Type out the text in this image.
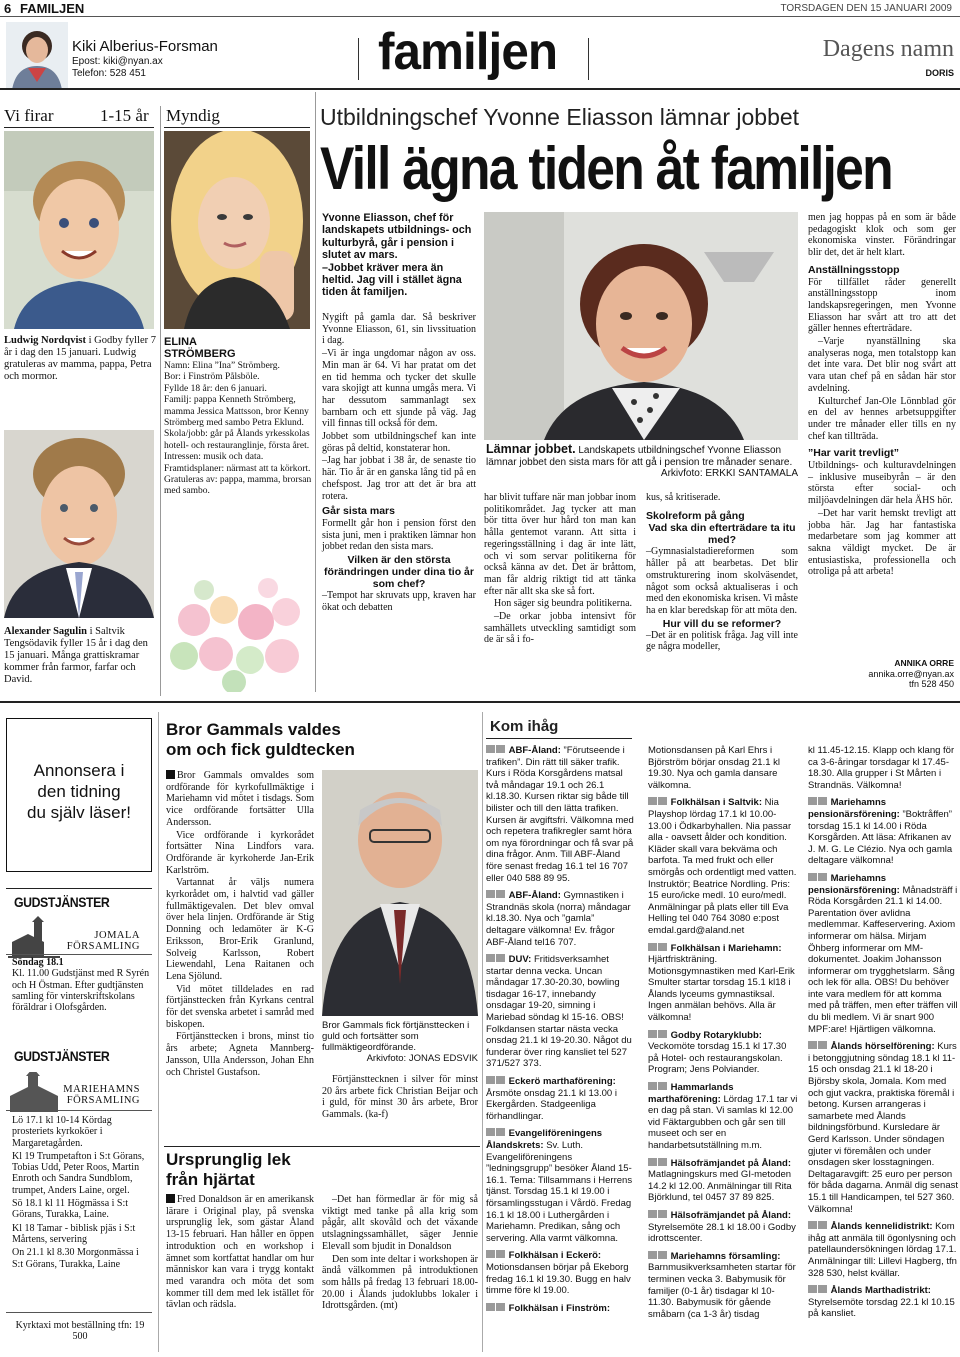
6 FAMILJEN	TORSDAGEN DEN 15 JANUARI 2009
Kiki Alberius-Forsman
Epost: kiki@nyan.ax
Telefon: 528 451	familjen	Dagens namn
DORIS
Vi firar	1-15 år Myndig
Ludwig Nordqvist i Godby fyller 7 år i dag den 15 januari. Ludwig gratuleras av mamma, pappa, Petra och mormor.
Alexander Sagulin i Saltvik Tengsödavik fyller 15 år i dag den 15 januari. Många grattiskramar kommer från farmor, farfar och David.
ELINA
STRÖMBERG
Namn: Elina ”Ina” Strömberg.
Bor: i Finström Pålsböle.
Fyllde 18 år: den 6 januari.
Familj: pappa Kenneth Strömberg, mamma Jessica Mattsson, bror Kenny Strömberg med sambo Petra Eklund.
Skola/jobb: går på Ålands yrkesskolas hotell- och restauranglinje, första året.
Intressen: musik och data.
Framtidsplaner: närmast att ta körkort.
Gratuleras av: pappa, mamma, brorsan med sambo.
Utbildningschef Yvonne Eliasson lämnar jobbet
Vill ägna tiden åt familjen
Yvonne Eliasson, chef för landskapets utbildnings- och kulturbyrå, går i pension i slutet av mars.
–Jobbet kräver mera än heltid. Jag vill i stället ägna tiden åt familjen.

Nygift på gamla dar. Så beskriver Yvonne Eliasson, 61, sin livssituation i dag.

–Vi är inga ungdomar någon av oss. Min man är 64. Vi har pratat om det en tid hemma och tycker det skulle vara skojigt att kunna umgås mera. Vi har dessutom sammanlagt sex barnbarn och ett sjunde på väg. Jag vill finnas till också för dem.

Jobbet som utbildningschef kan inte göras på deltid, konstaterar hon.

–Jag har jobbat i 38 år, de senaste tio här. Tio år är en ganska lång tid på en chefspost. Jag tror att det är bra att rotera.

Går sista mars

Formellt går hon i pension först den sista juni, men i praktiken lämnar hon jobbet redan den sista mars.

Vilken är den största förändringen under dina tio år som chef?

–Tempot har skruvats upp, kraven har ökat och debatten

Lämnar jobbet. Landskapets utbildningschef Yvonne Eliasson lämnar jobbet den sista mars för att gå i pension tre månader senare.
Arkivfoto: ERKKI SANTAMALA

har blivit tuffare när man jobbar inom politikområdet. Jag tycker att man bör titta över hur hård ton man kan hålla gentemot varann. Att sitta i regeringsställning i dag är inte lätt, och vi som servar politikerna för också känna av det. Det är bråttom, man får aldrig riktigt tid att tänka efter när allt ska ske så fort.

Hon säger sig beundra politikerna.

–De orkar jobba intensivt för samhällets utveckling samtidigt som de är så i fo-

kus, så kritiserade.

Skolreform på gång
Vad ska din efterträdare ta itu med?

–Gymnasialstadiereformen som håller på att bearbetas. Det blir omstrukturering inom skolväsendet, något som också aktualiseras i och med den ekonomiska krisen. Vi måste ha en klar beredskap för att möta den.

Hur vill du se reformer?

–Det är en politisk fråga. Jag vill inte ge några modeller,

men jag hoppas på en som är både pedagogiskt klok och som ger ekonomiska vinster. Förändringar blir det, det är helt klart.

Anställningsstopp

För tillfället råder generellt anställningsstopp inom landskapsregeringen, men Yvonne Eliasson har svårt att tro att det gäller hennes efterträdare.

–Varje nyanställning ska analyseras noga, men totalstopp kan det inte vara. Det blir nog svårt att vara utan chef på en sådan här stor avdelning.

Kulturchef Jan-Ole Lönnblad gör en del av hennes arbetsuppgifter under tre månader eller tills en ny chef kan tillträda.

”Har varit trevligt”

Utbildnings- och kulturavdelningen – inklusive museibyrån – är den största efter social- och miljöavdelningen där hela ÄHS hör.

–Det har varit hemskt trevligt att jobba här. Jag har fantastiska medarbetare som jag kommer att sakna väldigt mycket. De är entusiastiska, professionella och otroliga på att arbeta!

ANNIKA ORRE
annika.orre@nyan.ax
tfn 528 450
Annonsera i
den tidning
du själv läser!
GUDSTJÄNSTER
JOMALA
FÖRSAMLING
Söndag 18.1
Kl. 11.00 Gudstjänst med R Syrén och H Östman. Efter gudtjänsten samling för vinterskriftskolans föräldrar i Olofsgården.
GUDSTJÄNSTER
MARIEHAMNS
FÖRSAMLING
Lö 17.1 kl 10-14 Kördag prosteriets kyrkoköer i Margaretagården.
Kl 19 Trumpetafton i S:t Görans, Tobias Udd, Peter Roos, Martin Enroth och Sandra Sundblom, trumpet, Anders Laine, orgel.
Sö 18.1 kl 11 Högmässa i S:t Görans, Turakka, Laine.
Kl 18 Tamar - biblisk pjäs i S:t Mårtens, servering
On 21.1 kl 8.30 Morgonmässa i S:t Görans, Turakka, Laine
Kyrktaxi mot beställning tfn: 19 500
Bror Gammals valdes om och fick guldtecken

Bror Gammals omvaldes som ordförande för kyrkofullmäktige i Mariehamn vid mötet i tisdags. Som vice ordförande fortsätter Ulla Andersson.

Vice ordförande i kyrkorådet fortsätter Nina Lindfors vara. Ordförande är kyrkoherde Jan-Erik Karlström.

Vartannat år väljs numera kyrkorådet om, i halvtid vad gäller fullmäktigevalen. Det blev omval över hela linjen. Ordförande är Stig Donning och ledamöter är K-G Eriksson, Bror-Erik Granlund, Solveig Karlsson, Robert Liewendahl, Lena Raitanen och Lena Sjölund.

Vid mötet tilldelades en rad förtjänsttecken från Kyrkans central för det svenska arbetet i samråd med biskopen.

Förtjänsttecken i brons, minst tio års arbete; Agneta Mannberg-Jansson, Ulla Andersson, Johan Ehn och Christel Gustafson.

Bror Gammals fick förtjänsttecken i guld och fortsätter som fullmäktigeordförande.
Arkivfoto: JONAS EDSVIK
Förtjänsttecknen i silver för minst 20 års arbete fick Christian Beijar och i guld, för minst 30 års arbete, Bror Gammals. (ka-f)
Ursprunglig lek från hjärtat

Fred Donaldson är en amerikansk lärare i Original play, på svenska ursprunglig lek, som gästar Åland 13-15 februari. Han håller en öppen introduktion och en workshop i ämnet som kortfattat handlar om hur människor kan vara i trygg kontakt med varandra och möta det som kommer till dem med lek istället för tävlan och rädsla.

–Det han förmedlar är för mig så viktigt med tanke på alla krig som pågår, allt skovåld och det växande utslagningssamhället, säger Jennie Elevall som bjudit in Donaldson

Den som inte deltar i workshopen är ändå välkommen på introduktionen som hålls på fredag 13 februari 18.00-20.00 i Ålands judoklubbs lokaler i Idrottsgården. (mt)

Kom ihåg

ABF-Åland: ”Förutseende i trafiken”. Din rätt till säker trafik. Kurs i Röda Korsgårdens matsal två måndagar 19.1 och 26.1 kl.18.30. Kursen riktar sig både till bilister och till den lätta trafiken. Kursen är avgiftsfri. Välkomna med och repetera trafikregler samt höra om nya förordningar och få svar på dina frågor. Anm. Till ABF-Åland före senast fredag 16.1 tel 16 707 eller 040 588 89 95.

ABF-Åland: Gymnastiken i Strandnäs skola (norra) måndagar kl.18.30. Nya och ”gamla” deltagare välkomna! Ev. frågor ABF-Åland tel16 707.

DUV: Fritidsverksamhet startar denna vecka. Uncan måndagar 17.30-20.30, bowling tisdagar 16-17, innebandy onsdagar 19-20, simning i Mariebad söndag kl 15-16. OBS! Folkdansen startar nästa vecka onsdag 21.1 kl 19-20.30. Något du funderar över ring kansliet tel 527 371/527 373.

Eckerö marthaförening: Årsmöte onsdag 21.1 kl 13.00 i Ekergården. Stadgeenliga förhandlingar.

Evangeliföreningens Ålandskrets: Sv. Luth. Evangeliföreningens ”ledningsgrupp” besöker Åland 15-16.1. Tema: Tillsammans i Herrens tjänst. Torsdag 15.1 kl 19.00 i församlingsstugan i Vårdö. Fredag 16.1 kl 18.00 i Luthergården i Mariehamn. Predikan, sång och servering. Alla varmt välkomna.

Folkhälsan i Eckerö: Motionsdansen börjar på Ekeborg fredag 16.1 kl 19.30. Bugg en halv timme före kl 19.00.

Folkhälsan i Finström:

Motionsdansen på Karl Ehrs i Björström börjar onsdag 21.1 kl 19.30. Nya och gamla dansare välkomna.

Folkhälsan i Saltvik: Nia Playshop lördag 17.1 kl 10.00-13.00 i Ödkarbyhallen. Nia passar alla - oavsett ålder och kondition. Kläder skall vara bekväma och barfota. Ta med frukt och eller smörgås och ordentligt med vatten. Instruktör; Beatrice Nordling. Pris: 15 euro/icke medl. 10 euro/medl. Anmälningar på plats eller till Eva Helling tel 040 764 3080 e:post emdal.gard@aland.net

Folkhälsan i Mariehamn: Hjärtfriskträning. Motionsgymnastiken med Karl-Erik Smulter startar torsdag 15.1 kl18 i Ålands lyceums gymnastiksal. Ingen anmälan behövs. Alla är välkomna!

Godby Rotaryklubb: Veckomöte torsdag 15.1 kl 17.30 på Hotel- och restaurangskolan. Program; Jens Polviander.

Hammarlands marthaförening: Lördag 17.1 tar vi en dag på stan. Vi samlas kl 12.00 vid Fäktargubben och går sen till museet och ser en handarbetsutställning m.m.

Hälsofrämjandet på Åland: Matlagningskurs med GI-metoden 14.2 kl 12.00. Anmälningar till Rita Björklund, tel 0457 37 89 825.

Hälsofrämjandet på Åland: Styrelsemöte 28.1 kl 18.00 i Godby idrottscenter.

Mariehamns församling: Barnmusikverksamheten startar för terminen vecka 3. Babymusik för familjer (0-1 år) tisdagar kl 10-11.30. Babymusik för gående småbarn (ca 1-3 år) tisdag

kl 11.45-12.15. Klapp och klang för ca 3-6-åringar torsdagar kl 17.45-18.30. Alla grupper i St Mårten i Strandnäs. Välkomna!

Mariehamns pensionärsförening: ”Boktråffen” torsdag 15.1 kl 14.00 i Röda Korsgården. Att läsa: Afrikanen av J. M. G. Le Clézio. Nya och gamla deltagare välkomna!

Mariehamns pensionärsförening: Månadsträff i Röda Korsgården 21.1 kl 14.00. Parentation över avlidna medlemmar. Kaffeservering. Axiom informerar om hälsa. Mirjam Öhberg informerar om MM-dokumentet. Joakim Johansson informerar om trygghetslarm. Sång och lek för alla. OBS! Du behöver inte vara medlem för att komma med på träffen, men efter träffen vill du bli medlem. Vi är snart 900 MPF:are! Hjärtligen välkomna.

Ålands hörselförening: Kurs i betonggjutning söndag 18.1 kl 11-15 och onsdag 21.1 kl 18-20 i Björsby skola, Jomala. Kom med och gjut vackra, praktiska föremål i betong. Kursen arrangeras i samarbete med Ålands bildningsförbund. Kursledare är Gerd Karlsson. Under söndagen gjuter vi föremålen och under onsdagen sker losstagningen. Deltagaravgift: 25 euro per person för båda dagarna. Anmäl dig senast 15.1 till Handicampen, tel 527 360. Välkomna!

Ålands kennelidistrikt: Kom ihåg att anmäla till ögonlysning och patellaundersökningen lördag 17.1. Anmälningar till: Lillevi Hagberg, tfn 328 530, helst kvällar.

Ålands Marthadistrikt: Styrelsemöte torsdag 22.1 kl 10.15 på kansliet.
